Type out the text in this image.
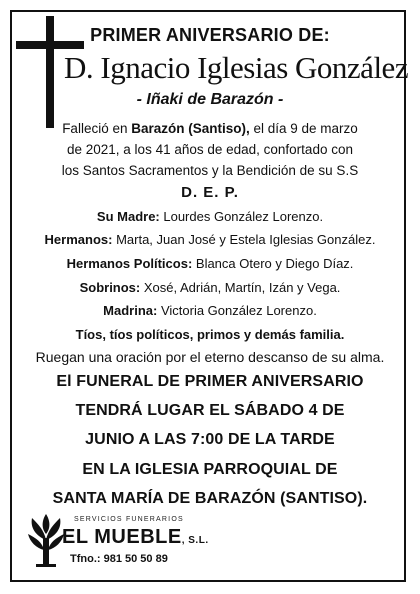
PRIMER ANIVERSARIO DE:
D. Ignacio Iglesias González
- Iñaki de Barazón -
Falleció en Barazón (Santiso), el día 9 de marzo
de 2021, a los 41 años de edad, confortado con
los Santos Sacramentos y la Bendición de su S.S
D. E. P.
Su Madre: Lourdes González Lorenzo.
Hermanos: Marta, Juan José y Estela Iglesias González.
Hermanos Políticos: Blanca Otero y Diego Díaz.
Sobrinos: Xosé, Adrián, Martín, Izán y Vega.
Madrina: Victoria González Lorenzo.
Tíos, tíos políticos, primos y demás familia.
Ruegan una oración por el eterno descanso de su alma.
El FUNERAL DE PRIMER ANIVERSARIO
TENDRÁ LUGAR EL SÁBADO 4 DE
JUNIO A LAS 7:00 DE LA TARDE
EN LA IGLESIA PARROQUIAL DE
SANTA MARÍA DE BARAZÓN (SANTISO).
SERVICIOS FUNERARIOS
EL MUEBLE, S.L.
Tfno.: 981 50 50 89
